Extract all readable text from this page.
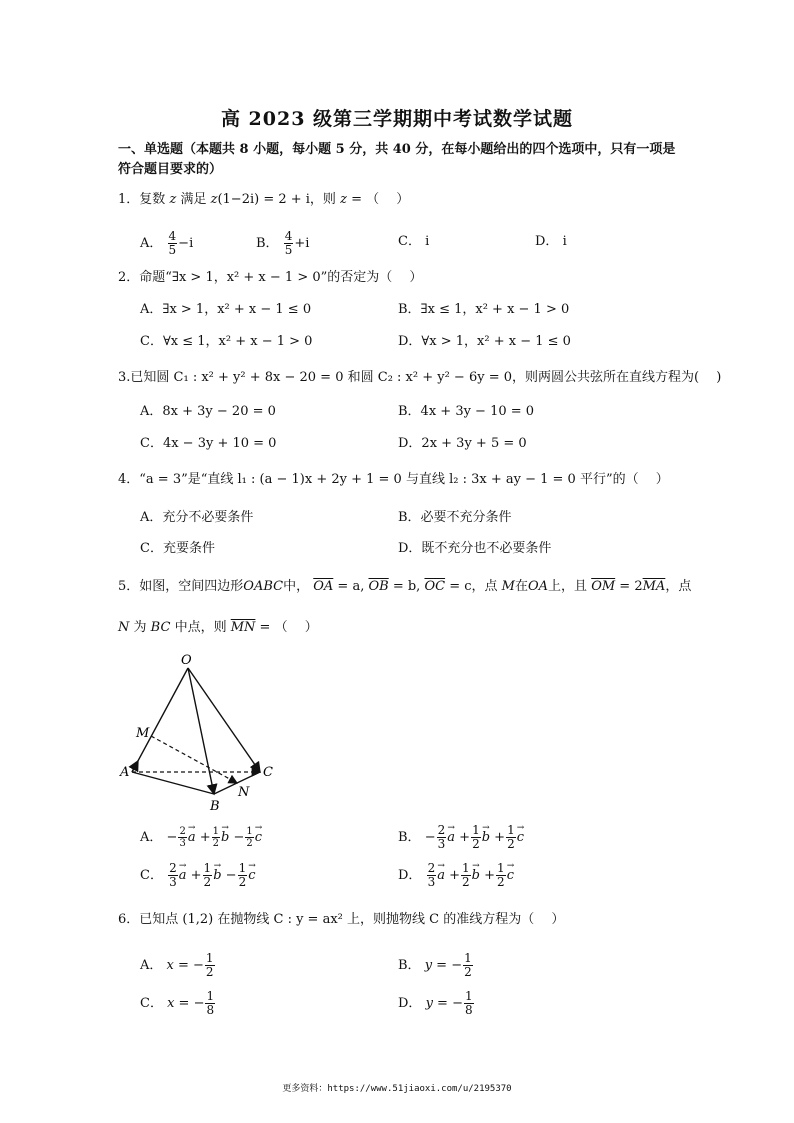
高 2023 级第三学期期中考试数学试题
一、单选题（本题共 8 小题，每小题 5 分，共 40 分，在每小题给出的四个选项中，只有一项是符合题目要求的）
1．复数 z 满足 z(1−2i) = 2 + i，则 z = （　 ）
A． $\frac{4}{5} -i$	B． $\frac{4}{5} +i$	C． i	D． i
2．命题“∃x > 1，x² + x − 1 > 0”的否定为（　 ）
A．∃x > 1，x² + x − 1 ≤ 0	B．∃x ≤ 1，x² + x − 1 > 0
C．∀x ≤ 1，x² + x − 1 > 0	D．∀x > 1，x² + x − 1 ≤ 0
3.已知圆 C₁ : x² + y² + 8x − 20 = 0 和圆 C₂ : x² + y² − 6y = 0，则两圆公共弦所在直线方程为(　 )
A．8x + 3y − 20 = 0	B．4x + 3y − 10 = 0
C．4x − 3y + 10 = 0	D．2x + 3y + 5 = 0
4．“a = 3”是“直线 l₁ : (a − 1)x + 2y + 1 = 0 与直线 l₂ : 3x + ay − 1 = 0 平行”的（　 ）
A．充分不必要条件	B．必要不充分条件
C．充要条件	D．既不充分也不必要条件
5．如图，空间四边形OABC中， $\overline{OA} = a$, $\overline{OB} = b$, $\overline{OC} = c$，点 M在OA上，且 $\overline{OM} = 2\overline{MA}$，点
N 为 BC 中点，则 $\overline{MN}$ = （　 ）
O
M
A
B
C
N
A． − $\frac{2}{3} \to a + \frac{1}{2} \to b - \frac{1}{2} \to c$	B． − $\frac{2}{3} \to a + \frac{1}{2} \to b + \frac{1}{2} \to c$
C． $\frac{2}{3} \to a + \frac{1}{2} \to b - \frac{1}{2} \to c$	D． $\frac{2}{3} \to a + \frac{1}{2} \to b + \frac{1}{2} \to c$
6．已知点 (1,2) 在抛物线 C : y = ax² 上，则抛物线 C 的准线方程为（　 ）
A． x = − $\frac{1}{2}$	B． y = − $\frac{1}{2}$
C． x = − $\frac{1}{8}$	D． y = − $\frac{1}{8}$
更多资料：https://www.51jiaoxi.com/u/2195370
